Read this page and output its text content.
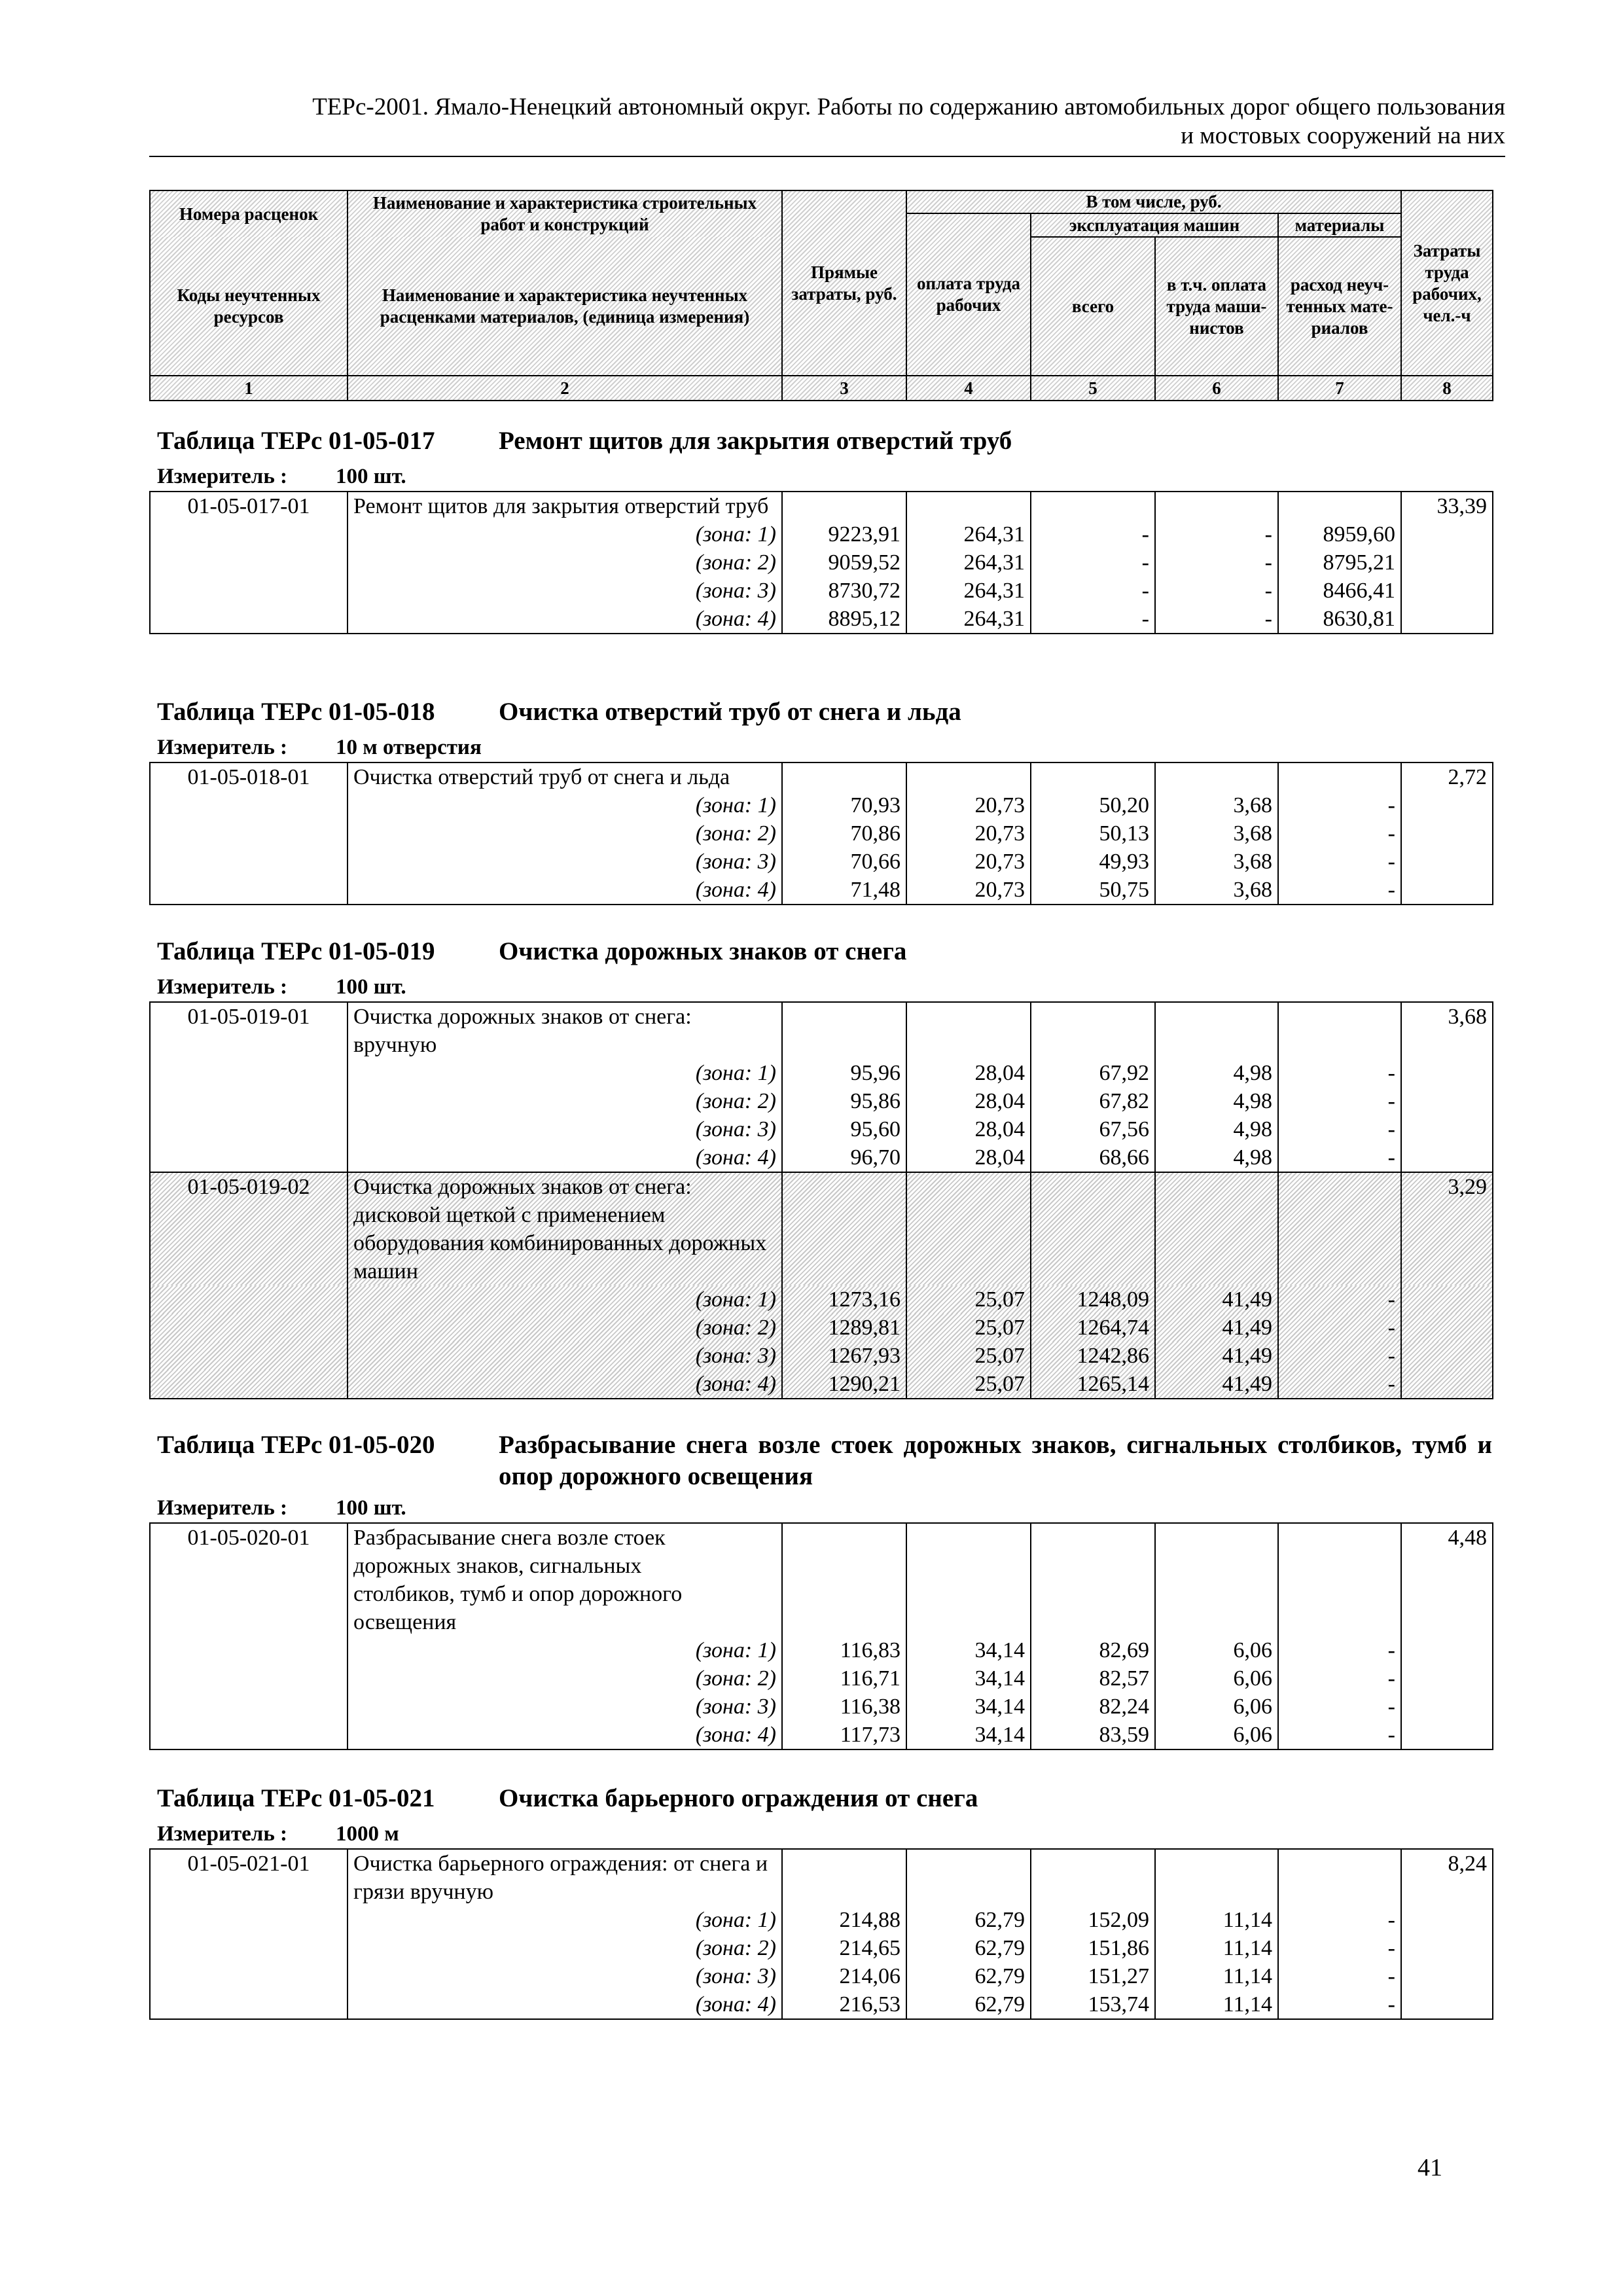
ТЕРс-2001. Ямало-Ненецкий автономный округ. Работы по содержанию автомобильных дорог общего пользования
и мостовых сооружений на них
Номера расценок	Наименование и характеристика строительных работ и конструкций	Прямые затраты, руб.	В том числе, руб.				Затраты труда рабочих, чел.-ч
			оплата труда рабочих	эксплуатация машин		материалы	
Коды неучтенных ресурсов	Наименование и характеристика неучтенных расценками материалов, (единица измерения)			всего	в т.ч. оплата труда маши-нистов	расход неуч-тенных мате-риалов	

1	2	3	4	5	6	7	8
Таблица ТЕРс 01-05-017 Ремонт щитов для закрытия отверстий труб
Измеритель : 100 шт.
01-05-017-01	Ремонт щитов для закрытия отверстий труб						33,39
	(зона: 1)	9223,91	264,31	-	-	8959,60	
	(зона: 2)	9059,52	264,31	-	-	8795,21	
	(зона: 3)	8730,72	264,31	-	-	8466,41	
	(зона: 4)	8895,12	264,31	-	-	8630,81	
Таблица ТЕРс 01-05-018 Очистка отверстий труб от снега и льда
Измеритель : 10 м отверстия
01-05-018-01	Очистка отверстий труб от снега и льда						2,72
	(зона: 1)	70,93	20,73	50,20	3,68	-	
	(зона: 2)	70,86	20,73	50,13	3,68	-	
	(зона: 3)	70,66	20,73	49,93	3,68	-	
	(зона: 4)	71,48	20,73	50,75	3,68	-	
Таблица ТЕРс 01-05-019 Очистка дорожных знаков от снега
Измеритель : 100 шт.
01-05-019-01	Очистка дорожных знаков от снега: вручную						3,68
	(зона: 1)	95,96	28,04	67,92	4,98	-	
	(зона: 2)	95,86	28,04	67,82	4,98	-	
	(зона: 3)	95,60	28,04	67,56	4,98	-	
	(зона: 4)	96,70	28,04	68,66	4,98	-	
01-05-019-02	Очистка дорожных знаков от снега: дисковой щеткой с применением оборудования комбинированных дорожных машин						3,29
	(зона: 1)	1273,16	25,07	1248,09	41,49	-	
	(зона: 2)	1289,81	25,07	1264,74	41,49	-	
	(зона: 3)	1267,93	25,07	1242,86	41,49	-	
	(зона: 4)	1290,21	25,07	1265,14	41,49	-	
Таблица ТЕРс 01-05-020 Разбрасывание снега возле стоек дорожных знаков, сигнальных столбиков, тумб и опор дорожного освещения
Измеритель : 100 шт.
01-05-020-01	Разбрасывание снега возле стоек дорожных знаков, сигнальных столбиков, тумб и опор дорожного освещения						4,48
	(зона: 1)	116,83	34,14	82,69	6,06	-	
	(зона: 2)	116,71	34,14	82,57	6,06	-	
	(зона: 3)	116,38	34,14	82,24	6,06	-	
	(зона: 4)	117,73	34,14	83,59	6,06	-	
Таблица ТЕРс 01-05-021 Очистка барьерного ограждения от снега
Измеритель : 1000 м
01-05-021-01	Очистка барьерного ограждения: от снега и грязи вручную						8,24
	(зона: 1)	214,88	62,79	152,09	11,14	-	
	(зона: 2)	214,65	62,79	151,86	11,14	-	
	(зона: 3)	214,06	62,79	151,27	11,14	-	
	(зона: 4)	216,53	62,79	153,74	11,14	-	
41
